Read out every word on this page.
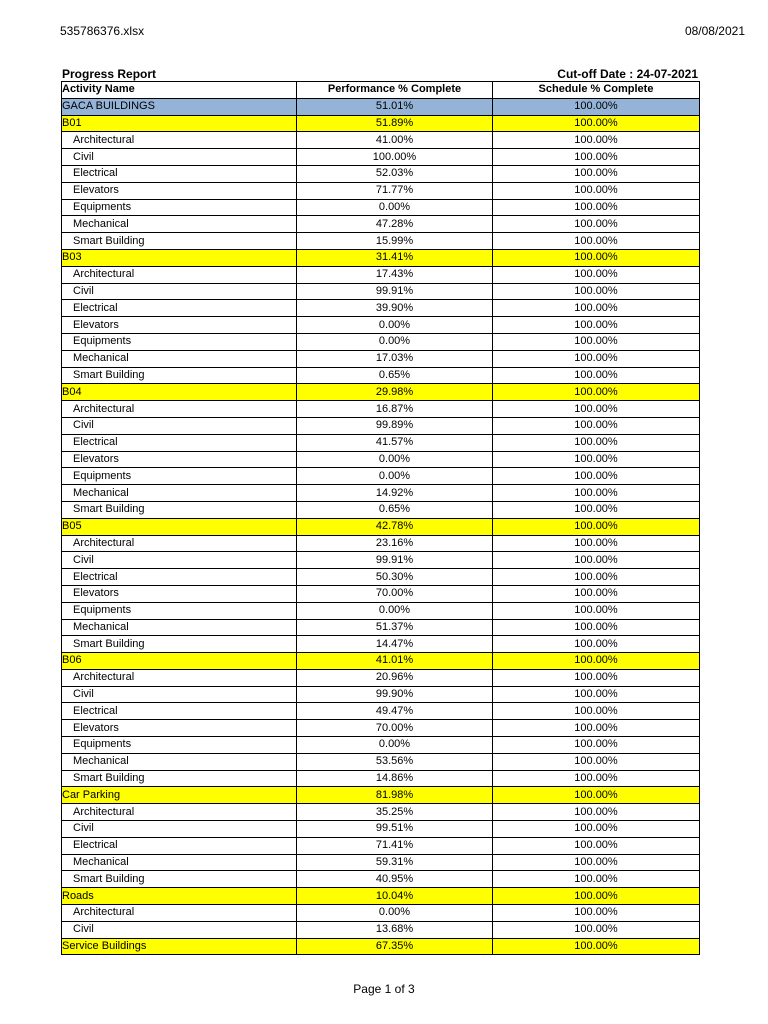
535786376.xlsx	08/08/2021
Progress Report	Cut-off Date : 24-07-2021
Activity Name	Performance % Complete	Schedule % Complete
GACA BUILDINGS	51.01%	100.00%
B01	51.89%	100.00%
Architectural	41.00%	100.00%
Civil	100.00%	100.00%
Electrical	52.03%	100.00%
Elevators	71.77%	100.00%
Equipments	0.00%	100.00%
Mechanical	47.28%	100.00%
Smart Building	15.99%	100.00%
B03	31.41%	100.00%
Architectural	17.43%	100.00%
Civil	99.91%	100.00%
Electrical	39.90%	100.00%
Elevators	0.00%	100.00%
Equipments	0.00%	100.00%
Mechanical	17.03%	100.00%
Smart Building	0.65%	100.00%
B04	29.98%	100.00%
Architectural	16.87%	100.00%
Civil	99.89%	100.00%
Electrical	41.57%	100.00%
Elevators	0.00%	100.00%
Equipments	0.00%	100.00%
Mechanical	14.92%	100.00%
Smart Building	0.65%	100.00%
B05	42.78%	100.00%
Architectural	23.16%	100.00%
Civil	99.91%	100.00%
Electrical	50.30%	100.00%
Elevators	70.00%	100.00%
Equipments	0.00%	100.00%
Mechanical	51.37%	100.00%
Smart Building	14.47%	100.00%
B06	41.01%	100.00%
Architectural	20.96%	100.00%
Civil	99.90%	100.00%
Electrical	49.47%	100.00%
Elevators	70.00%	100.00%
Equipments	0.00%	100.00%
Mechanical	53.56%	100.00%
Smart Building	14.86%	100.00%
Car Parking	81.98%	100.00%
Architectural	35.25%	100.00%
Civil	99.51%	100.00%
Electrical	71.41%	100.00%
Mechanical	59.31%	100.00%
Smart Building	40.95%	100.00%
Roads	10.04%	100.00%
Architectural	0.00%	100.00%
Civil	13.68%	100.00%
Service Buildings	67.35%	100.00%
Page 1 of 3
